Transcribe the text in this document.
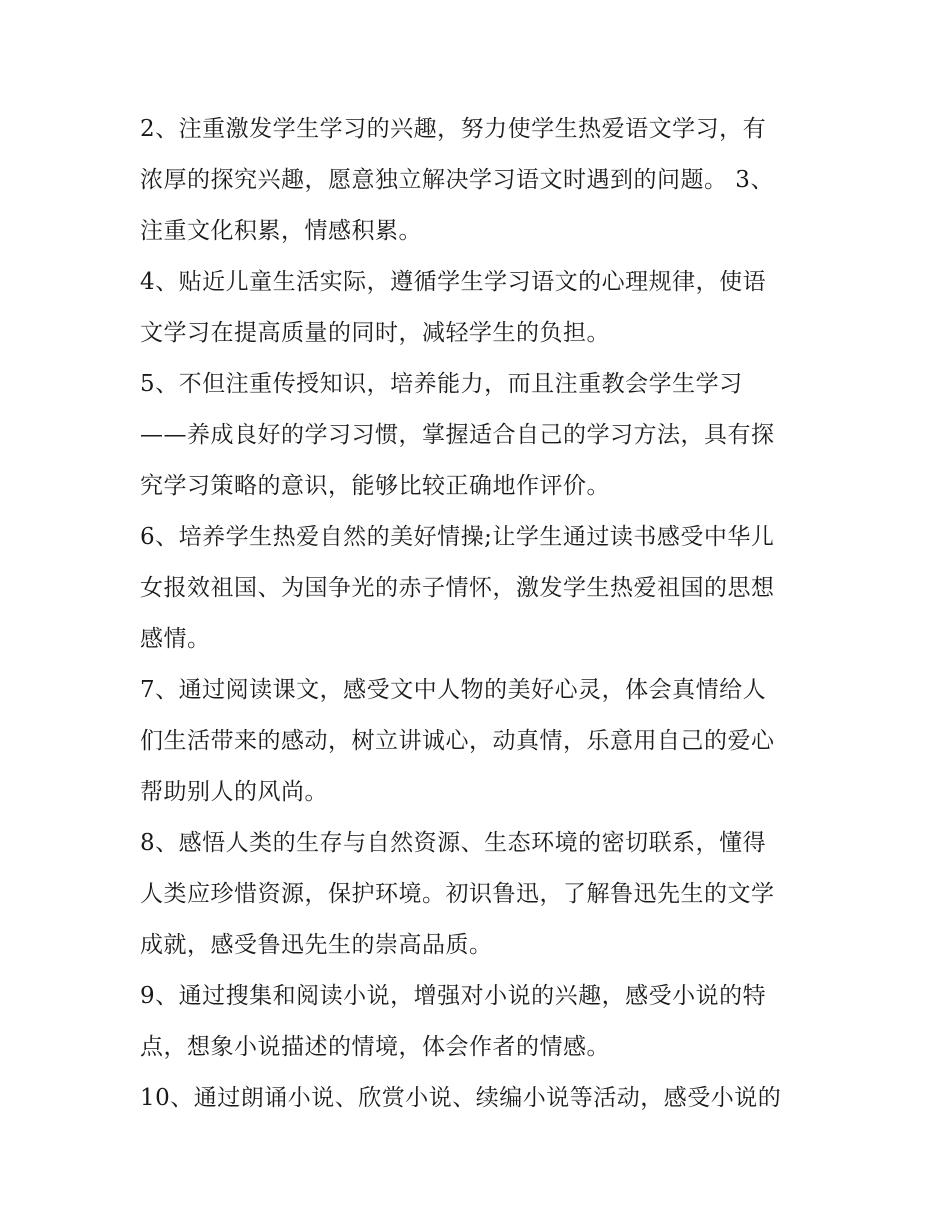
2、注重激发学生学习的兴趣，努力使学生热爱语文学习，有
浓厚的探究兴趣，愿意独立解决学习语文时遇到的问题。 3、
注重文化积累，情感积累。
4、贴近儿童生活实际，遵循学生学习语文的心理规律，使语
文学习在提高质量的同时，减轻学生的负担。
5、不但注重传授知识，培养能力，而且注重教会学生学习
——养成良好的学习习惯，掌握适合自己的学习方法，具有探
究学习策略的意识，能够比较正确地作评价。
6、培养学生热爱自然的美好情操;让学生通过读书感受中华儿
女报效祖国、为国争光的赤子情怀，激发学生热爱祖国的思想
感情。
7、通过阅读课文，感受文中人物的美好心灵，体会真情给人
们生活带来的感动，树立讲诚心，动真情，乐意用自己的爱心
帮助别人的风尚。
8、感悟人类的生存与自然资源、生态环境的密切联系，懂得
人类应珍惜资源，保护环境。初识鲁迅，了解鲁迅先生的文学
成就，感受鲁迅先生的崇高品质。
9、通过搜集和阅读小说，增强对小说的兴趣，感受小说的特
点，想象小说描述的情境，体会作者的情感。
10、通过朗诵小说、欣赏小说、续编小说等活动，感受小说的
